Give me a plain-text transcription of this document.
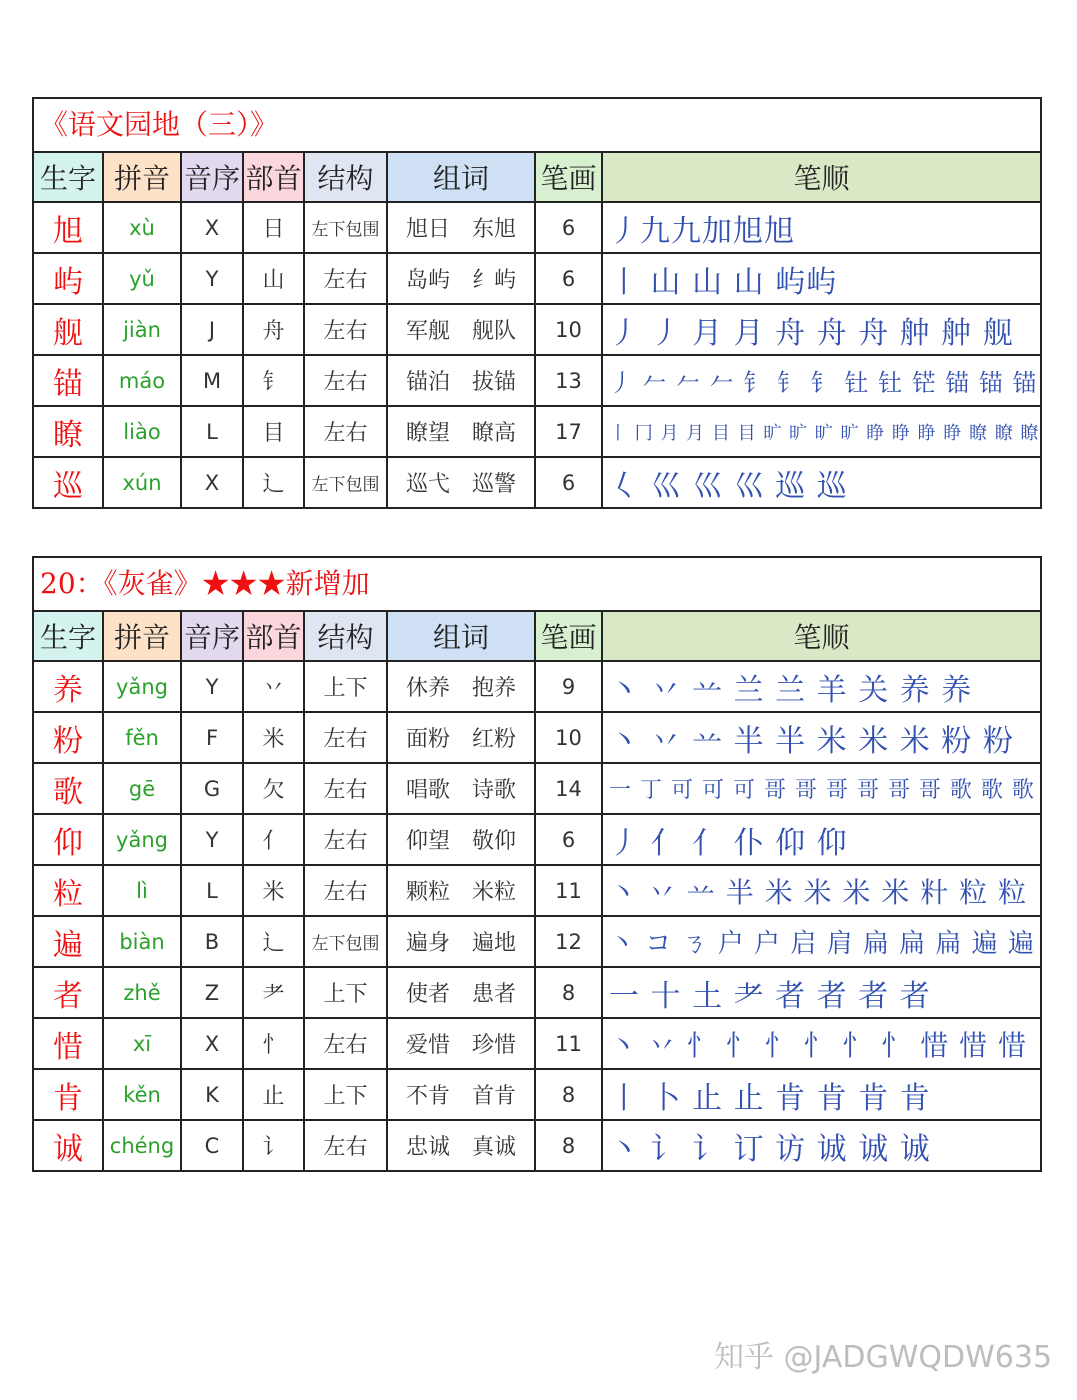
《语文园地（三）》
生字	拼音	音序	部首	结构	组词	笔画	笔顺
旭	xù	X	日	左下包围	旭日 东旭	6	丿九九加旭旭
屿	yǔ	Y	山	左右	岛屿 纟屿	6	丨 山 山 山 屿屿
舰	jiàn	J	舟	左右	军舰 舰队	10	丿 丿 月 月 舟 舟 舟 舯 舯 舰
锚	máo	M	钅	左右	锚泊 拔锚	13	丿 𠂉 𠂉 𠂉 钅 钅 钅 钍 钍 铓 锚 锚 锚
瞭	liào	L	目	左右	瞭望 瞭高	17	丨 冂 月 月 目 目 旷 旷 旷 旷 睁 睁 睁 睁 瞭 瞭 瞭
巡	xún	X	辶	左下包围	巡弋 巡警	6	𡿨 巛 巛 巛 巡 巡
20：《灰雀》★★★新增加
生字	拼音	音序	部首	结构	组词	笔画	笔顺
养	yǎng	Y	丷	上下	休养 抱养	9	丶 丷 䒑 兰 兰 羊 关 养 养
粉	fěn	F	米	左右	面粉 红粉	10	丶 丷 䒑 半 半 米 米 米 粉 粉
歌	gē	G	欠	左右	唱歌 诗歌	14	一 丁 可 可 可 哥 哥 哥 哥 哥 哥 歌 歌 歌
仰	yǎng	Y	亻	左右	仰望 敬仰	6	丿 亻 亻 仆 仰 仰
粒	lì	L	米	左右	颗粒 米粒	11	丶 丷 䒑 半 米 米 米 米 籵 粒 粒
遍	biàn	B	辶	左下包围	遍身 遍地	12	丶 コ ㄋ 户 户 启 肩 扁 扁 扁 遍 遍
者	zhě	Z	耂	上下	使者 患者	8	一 十 土 耂 者 者 者 者
惜	xī	X	忄	左右	爱惜 珍惜	11	丶 丷 忄 忄 忄 忄 忄 忄 惜 惜 惜
肯	kěn	K	止	上下	不肯 首肯	8	丨 卜 止 止 肯 肯 肯 肯
诚	chéng	C	讠	左右	忠诚 真诚	8	丶 讠 讠 订 访 诚 诚 诚
知乎 @JADGWQDW635
